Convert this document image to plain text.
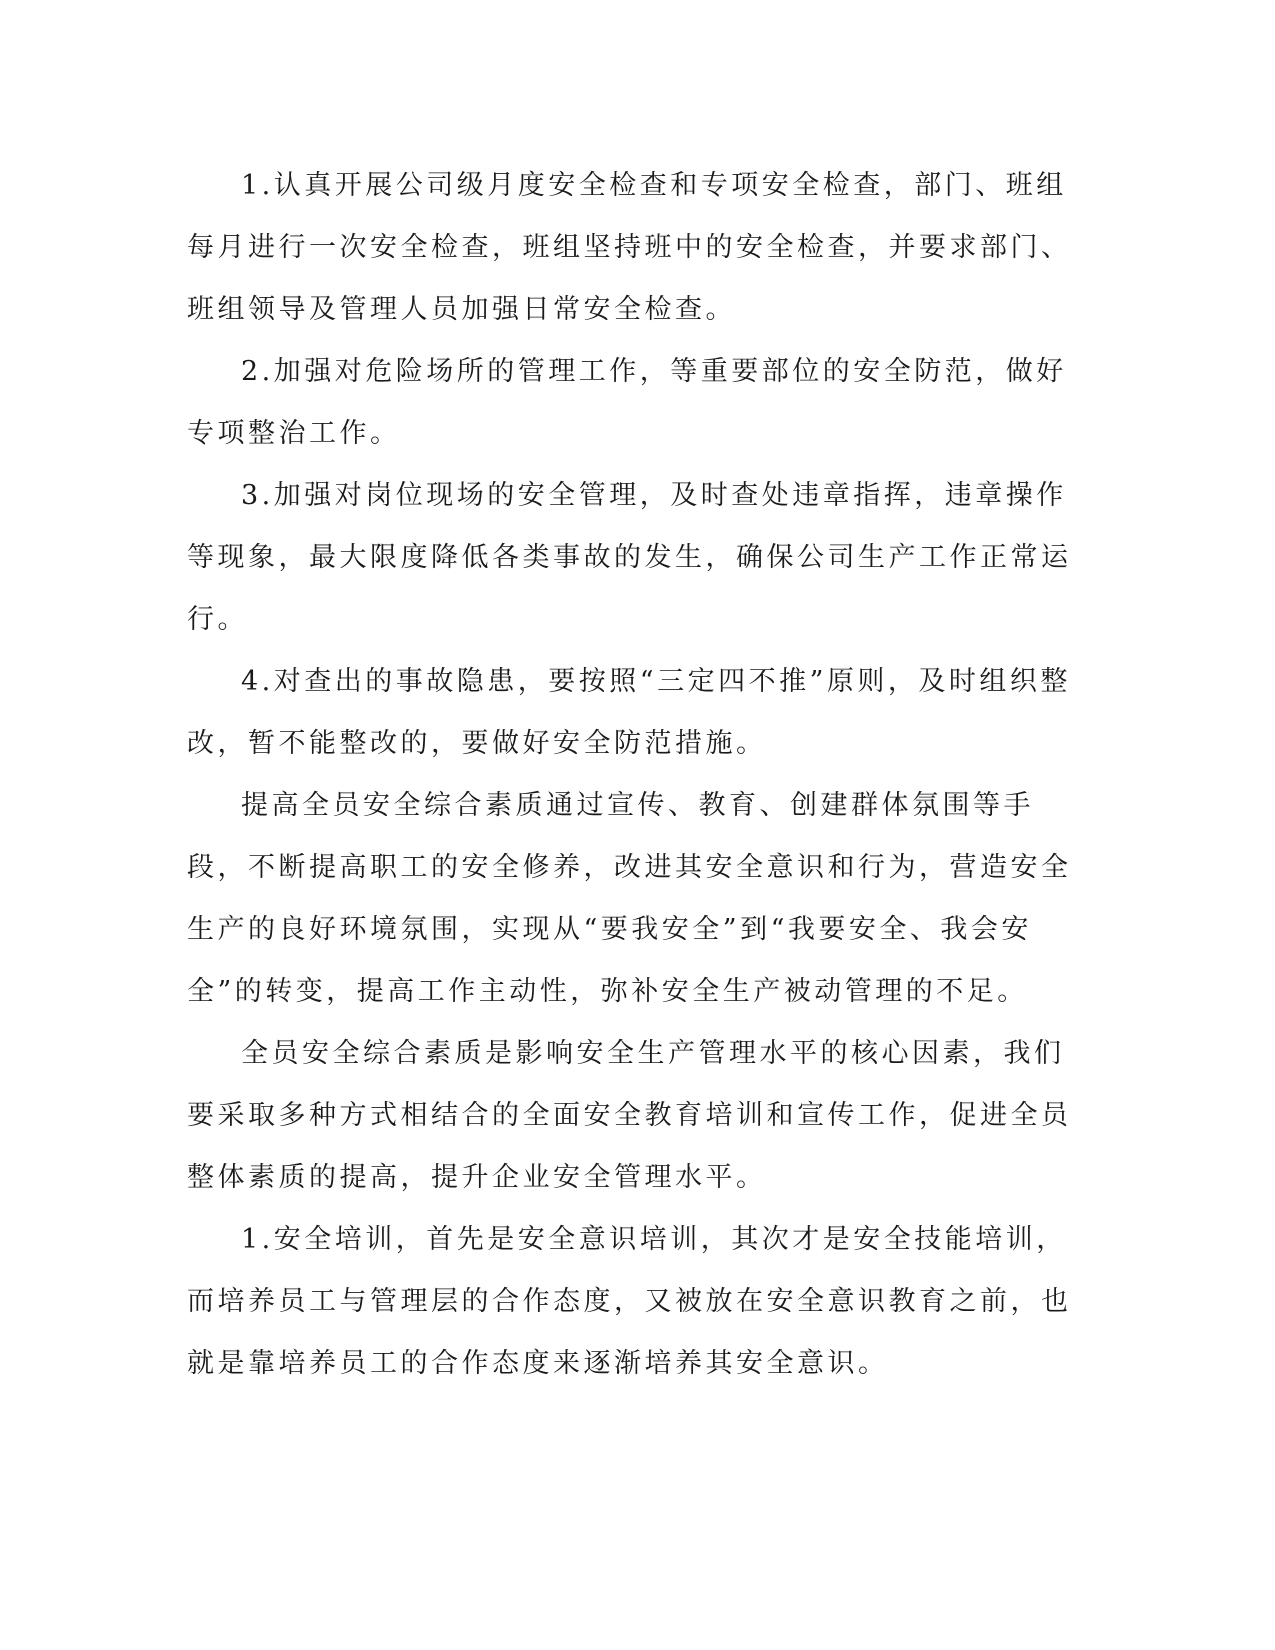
1.认真开展公司级月度安全检查和专项安全检查，部门、班组每月进行一次安全检查，班组坚持班中的安全检查，并要求部门、班组领导及管理人员加强日常安全检查。

2.加强对危险场所的管理工作，等重要部位的安全防范，做好专项整治工作。

3.加强对岗位现场的安全管理，及时查处违章指挥，违章操作等现象，最大限度降低各类事故的发生，确保公司生产工作正常运行。

4.对查出的事故隐患，要按照“三定四不推”原则，及时组织整改，暂不能整改的，要做好安全防范措施。

提高全员安全综合素质通过宣传、教育、创建群体氛围等手段，不断提高职工的安全修养，改进其安全意识和行为，营造安全生产的良好环境氛围，实现从“要我安全”到“我要安全、我会安全”的转变，提高工作主动性，弥补安全生产被动管理的不足。

全员安全综合素质是影响安全生产管理水平的核心因素，我们要采取多种方式相结合的全面安全教育培训和宣传工作，促进全员整体素质的提高，提升企业安全管理水平。

1.安全培训，首先是安全意识培训，其次才是安全技能培训，而培养员工与管理层的合作态度，又被放在安全意识教育之前，也就是靠培养员工的合作态度来逐渐培养其安全意识。
